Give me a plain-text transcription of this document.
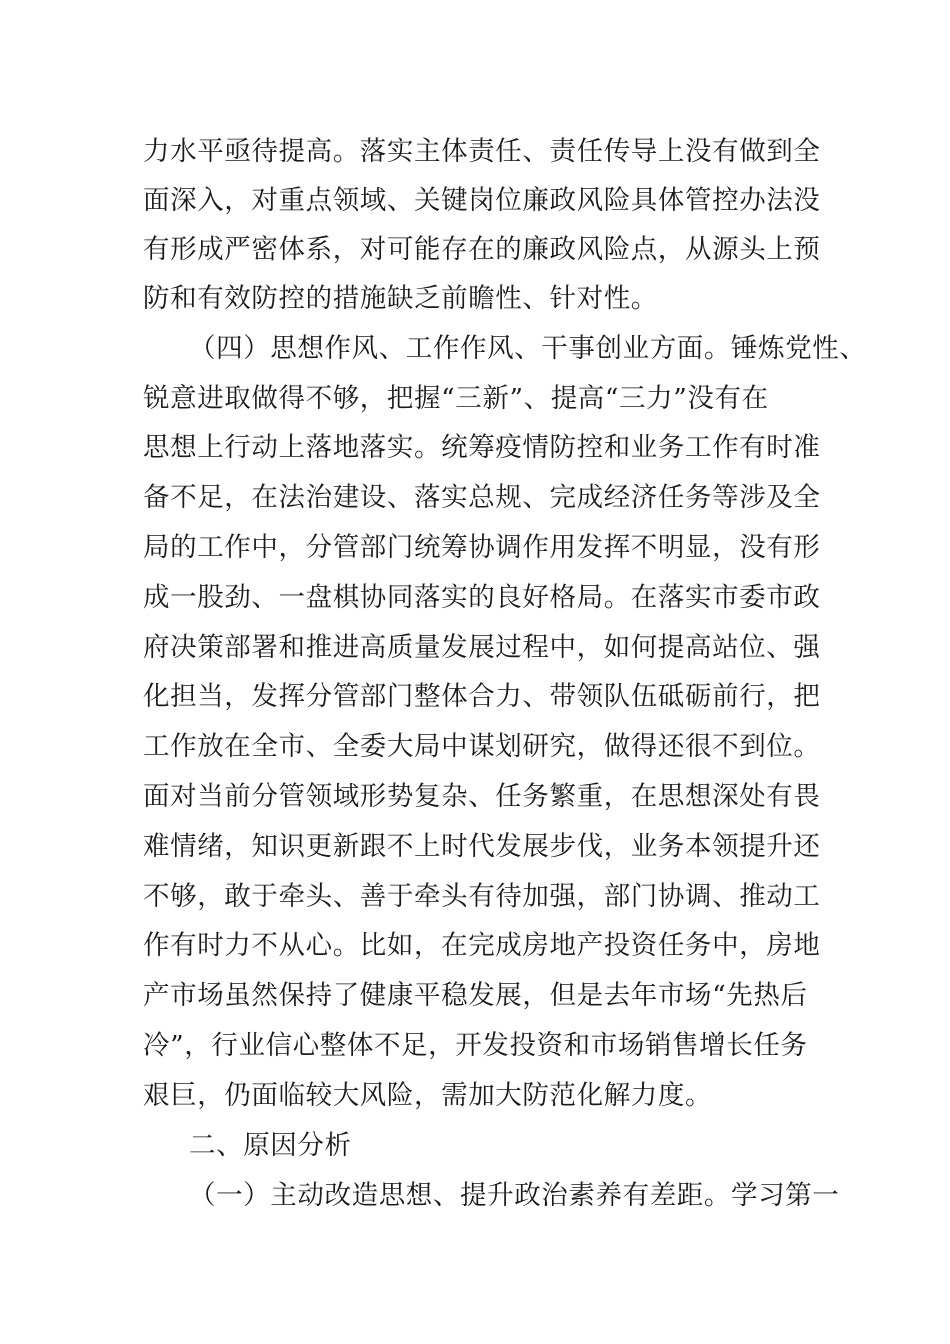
力水平亟待提高。落实主体责任、责任传导上没有做到全
面深入，对重点领域、关键岗位廉政风险具体管控办法没
有形成严密体系，对可能存在的廉政风险点，从源头上预
防和有效防控的措施缺乏前瞻性、针对性。
（四）思想作风、工作作风、干事创业方面。锤炼党性、
锐意进取做得不够，把握“三新”、提高“三力”没有在
思想上行动上落地落实。统筹疫情防控和业务工作有时准
备不足，在法治建设、落实总规、完成经济任务等涉及全
局的工作中，分管部门统筹协调作用发挥不明显，没有形
成一股劲、一盘棋协同落实的良好格局。在落实市委市政
府决策部署和推进高质量发展过程中，如何提高站位、强
化担当，发挥分管部门整体合力、带领队伍砥砺前行，把
工作放在全市、全委大局中谋划研究，做得还很不到位。
面对当前分管领域形势复杂、任务繁重，在思想深处有畏
难情绪，知识更新跟不上时代发展步伐，业务本领提升还
不够，敢于牵头、善于牵头有待加强，部门协调、推动工
作有时力不从心。比如，在完成房地产投资任务中，房地
产市场虽然保持了健康平稳发展，但是去年市场“先热后
冷”，行业信心整体不足，开发投资和市场销售增长任务
艰巨，仍面临较大风险，需加大防范化解力度。
二、原因分析
（一）主动改造思想、提升政治素养有差距。学习第一
